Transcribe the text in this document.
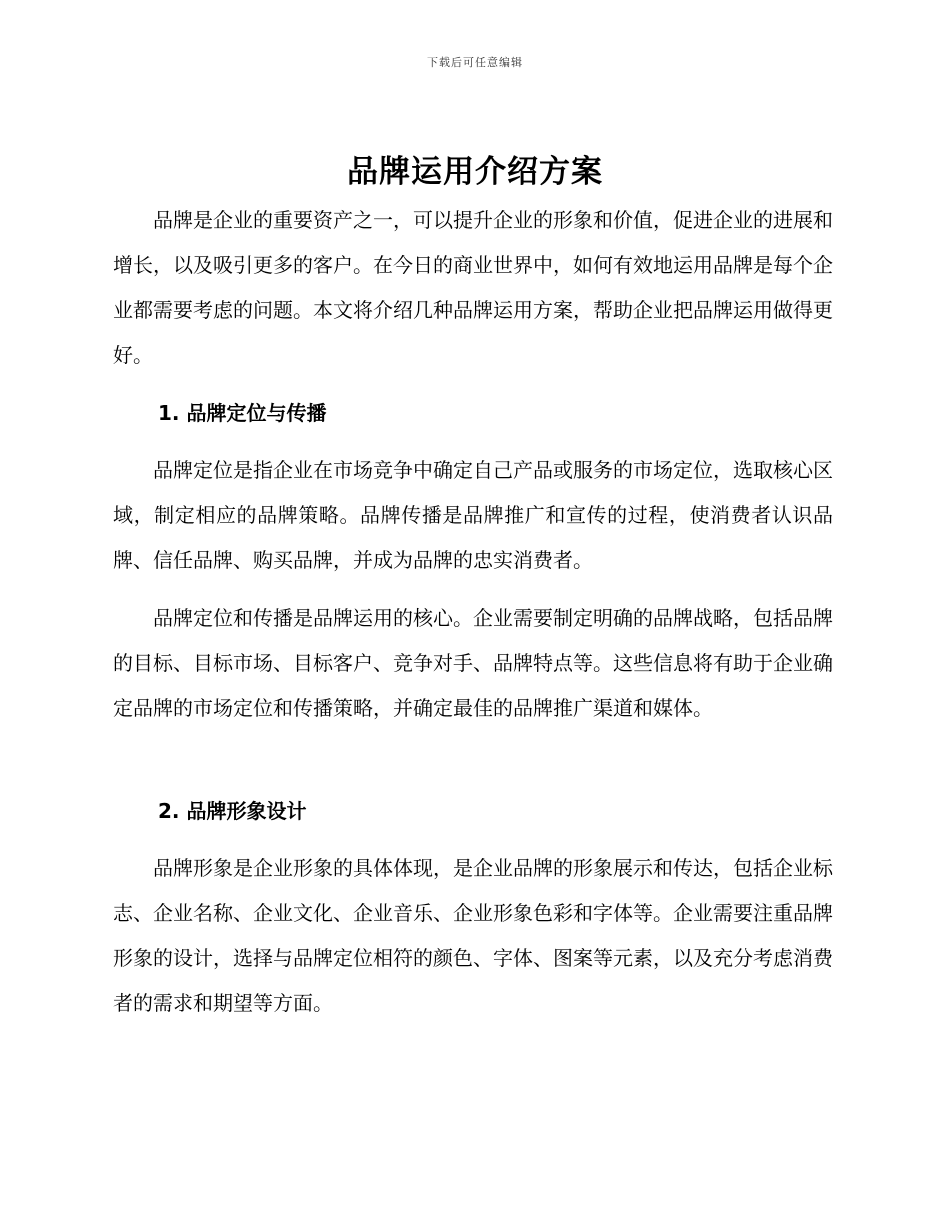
下载后可任意编辑
品牌运用介绍方案

品牌是企业的重要资产之一，可以提升企业的形象和价值，促进企业的进展和增长，以及吸引更多的客户。在今日的商业世界中，如何有效地运用品牌是每个企业都需要考虑的问题。本文将介绍几种品牌运用方案，帮助企业把品牌运用做得更好。

1. 品牌定位与传播

品牌定位是指企业在市场竞争中确定自己产品或服务的市场定位，选取核心区域，制定相应的品牌策略。品牌传播是品牌推广和宣传的过程，使消费者认识品牌、信任品牌、购买品牌，并成为品牌的忠实消费者。

品牌定位和传播是品牌运用的核心。企业需要制定明确的品牌战略，包括品牌的目标、目标市场、目标客户、竞争对手、品牌特点等。这些信息将有助于企业确定品牌的市场定位和传播策略，并确定最佳的品牌推广渠道和媒体。

2. 品牌形象设计

品牌形象是企业形象的具体体现，是企业品牌的形象展示和传达，包括企业标志、企业名称、企业文化、企业音乐、企业形象色彩和字体等。企业需要注重品牌形象的设计，选择与品牌定位相符的颜色、字体、图案等元素，以及充分考虑消费者的需求和期望等方面。
